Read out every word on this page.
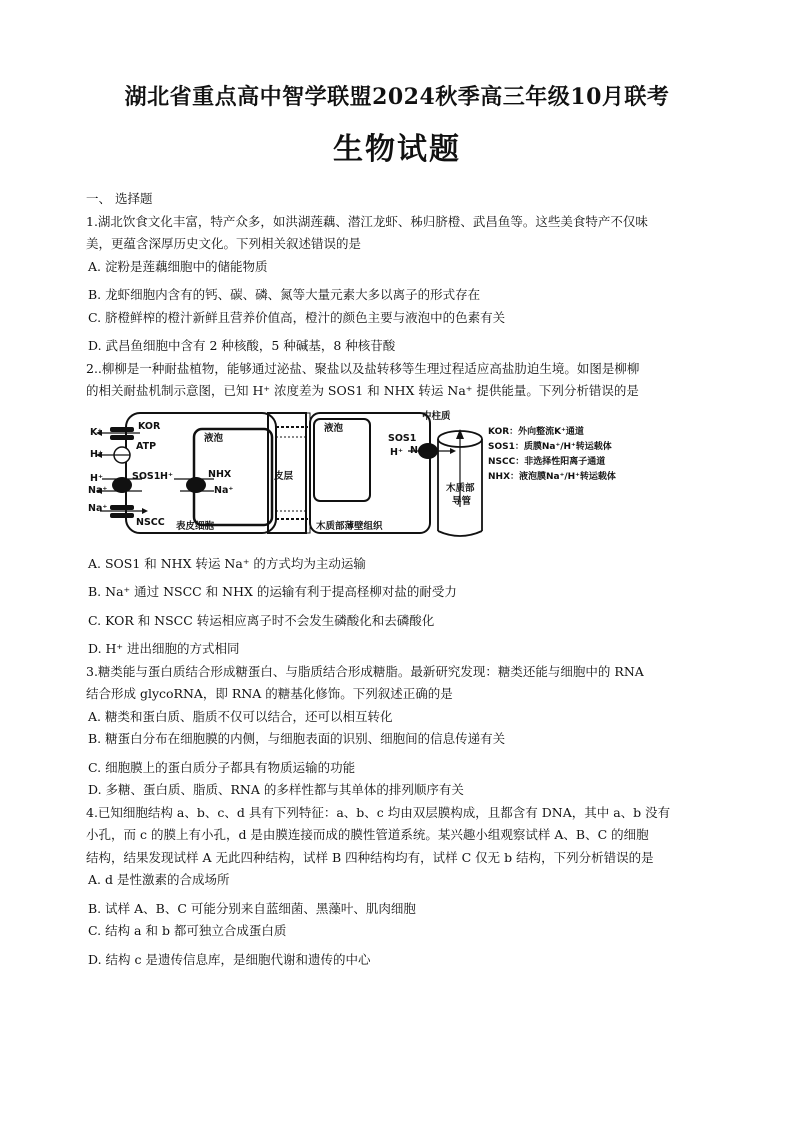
湖北省重点高中智学联盟2024秋季高三年级10月联考
生物试题

一、 选择题

1.湖北饮食文化丰富，特产众多，如洪湖莲藕、潜江龙虾、秭归脐橙、武昌鱼等。这些美食特产不仅味

美，更蕴含深厚历史文化。下列相关叙述错误的是

A. 淀粉是莲藕细胞中的储能物质

B. 龙虾细胞内含有的钙、碳、磷、氮等大量元素大多以离子的形式存在

C. 脐橙鲜榨的橙汁新鲜且营养价值高，橙汁的颜色主要与液泡中的色素有关

D. 武昌鱼细胞中含有 2 种核酸，5 种碱基，8 种核苷酸

2..柳柳是一种耐盐植物，能够通过泌盐、聚盐以及盐转移等生理过程适应高盐肋迫生境。如图是柳柳

的相关耐盐机制示意图，已知 H⁺ 浓度差为 SOS1 和 NHX 转运 Na⁺ 提供能量。下列分析错误的是

K⁺
KOR
ATP
H⁺
H⁺	SOS1 H⁺
Na⁺
Na⁺
NSCC
液泡
NHX
Na⁺
皮层
液泡
SOS1
H⁺ Na⁺
中柱质
表皮细胞	木质部薄壁组织
木质部
导管
KOR：外向整流K⁺通道
SOS1：质膜Na⁺/H⁺转运载体
NSCC：非选择性阳离子通道
NHX：液泡膜Na⁺/H⁺转运载体

A. SOS1 和 NHX 转运 Na⁺ 的方式均为主动运输

B. Na⁺ 通过 NSCC 和 NHX 的运输有利于提高柽柳对盐的耐受力

C. KOR 和 NSCC 转运相应离子时不会发生磷酸化和去磷酸化

D. H⁺ 进出细胞的方式相同

3.糖类能与蛋白质结合形成糖蛋白、与脂质结合形成糖脂。最新研究发现：糖类还能与细胞中的 RNA

结合形成 glycoRNA，即 RNA 的糖基化修饰。下列叙述正确的是

A. 糖类和蛋白质、脂质不仅可以结合，还可以相互转化

B. 糖蛋白分布在细胞膜的内侧，与细胞表面的识别、细胞间的信息传递有关

C. 细胞膜上的蛋白质分子都具有物质运输的功能

D. 多糖、蛋白质、脂质、RNA 的多样性都与其单体的排列顺序有关

4.已知细胞结构 a、b、c、d 具有下列特征：a、b、c 均由双层膜构成，且都含有 DNA，其中 a、b 没有

小孔，而 c 的膜上有小孔，d 是由膜连接而成的膜性管道系统。某兴趣小组观察试样 A、B、C 的细胞

结构，结果发现试样 A 无此四种结构，试样 B 四种结构均有，试样 C 仅无 b 结构，下列分析错误的是

A. d 是性激素的合成场所

B. 试样 A、B、C 可能分别来自蓝细菌、黑藻叶、肌肉细胞

C. 结构 a 和 b 都可独立合成蛋白质

D. 结构 c 是遗传信息库，是细胞代谢和遗传的中心
